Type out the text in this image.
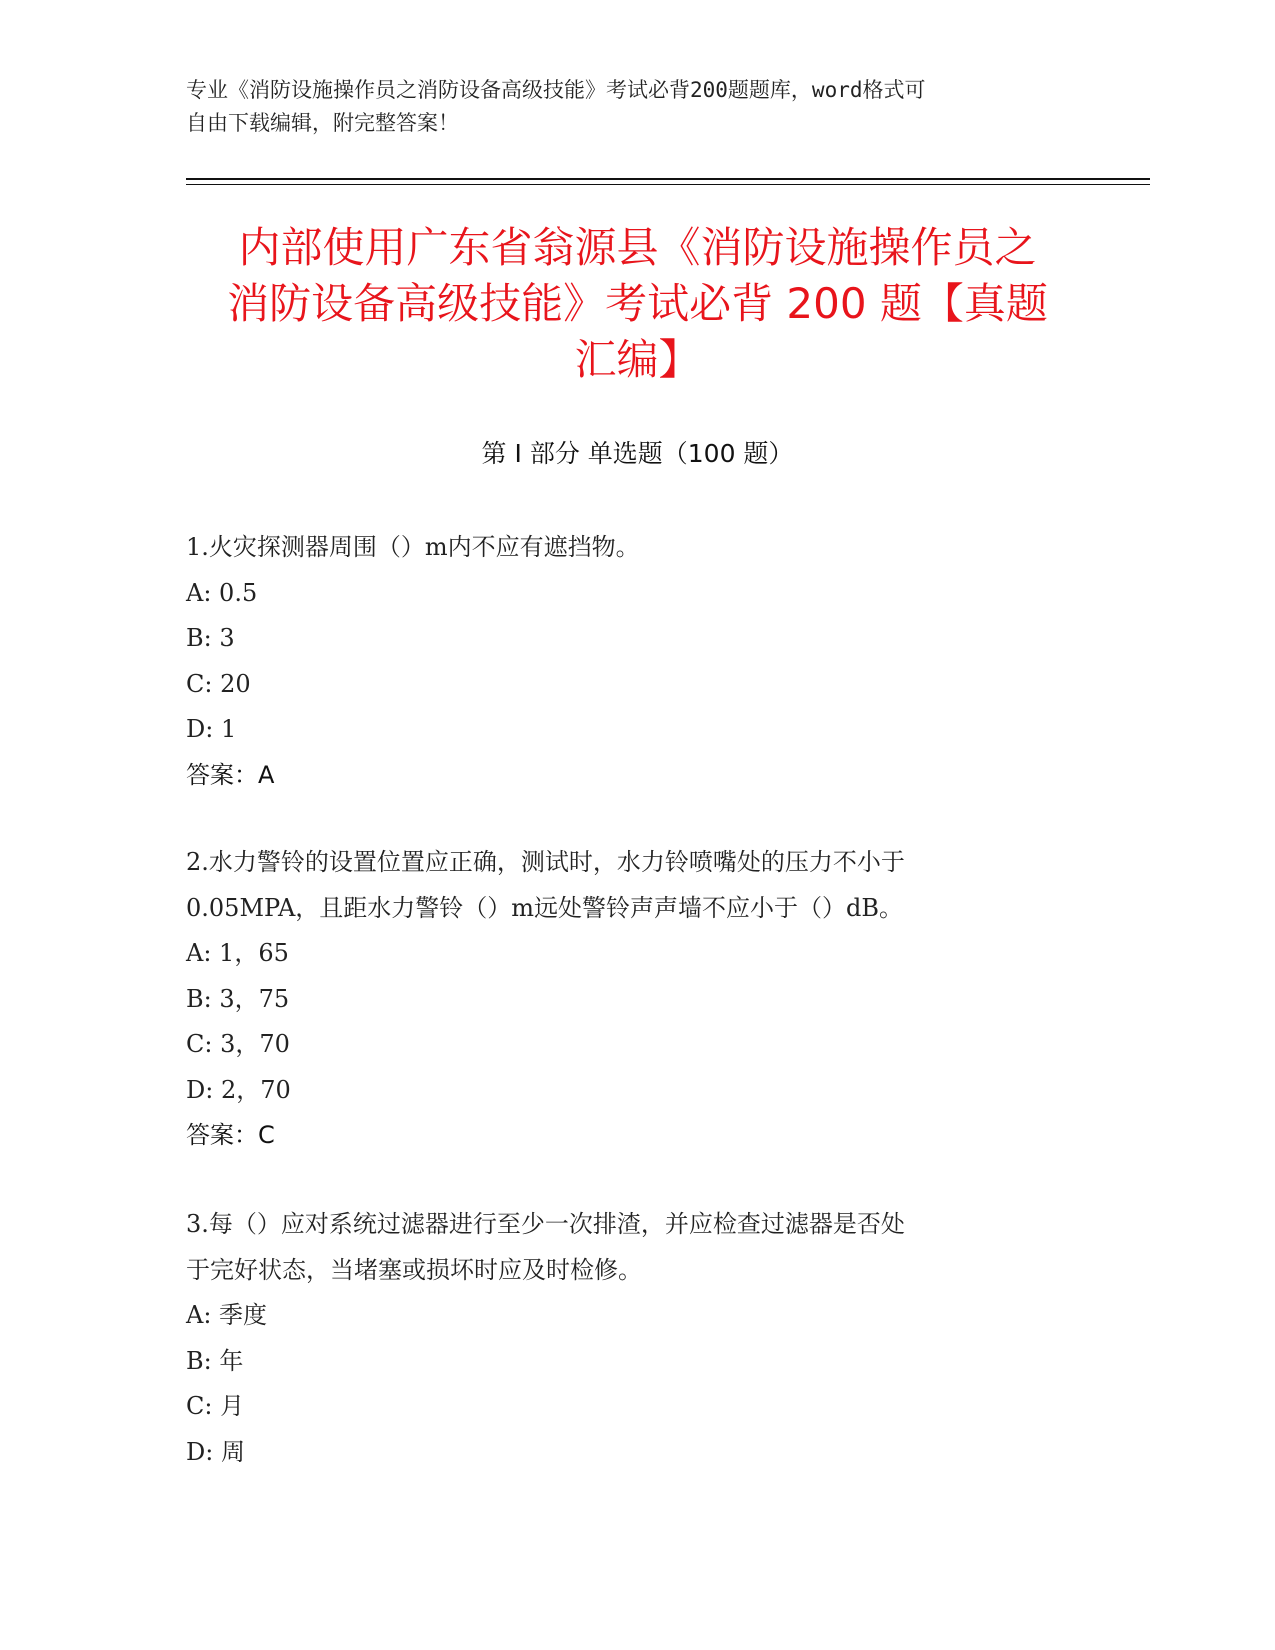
专业《消防设施操作员之消防设备高级技能》考试必背200题题库，word格式可
自由下载编辑，附完整答案！
内部使用广东省翁源县《消防设施操作员之
消防设备高级技能》考试必背 200 题【真题
汇编】
第 I 部分 单选题（100 题）

1.火灾探测器周围（）m内不应有遮挡物。

A: 0.5

B: 3

C: 20

D: 1

答案：A

2.水力警铃的设置位置应正确，测试时，水力铃喷嘴处的压力不小于

0.05MPA，且距水力警铃（）m远处警铃声声墙不应小于（）dB。

A: 1，65

B: 3，75

C: 3，70

D: 2，70

答案：C

3.每（）应对系统过滤器进行至少一次排渣，并应检查过滤器是否处

于完好状态，当堵塞或损坏时应及时检修。

A: 季度

B: 年

C: 月

D: 周
